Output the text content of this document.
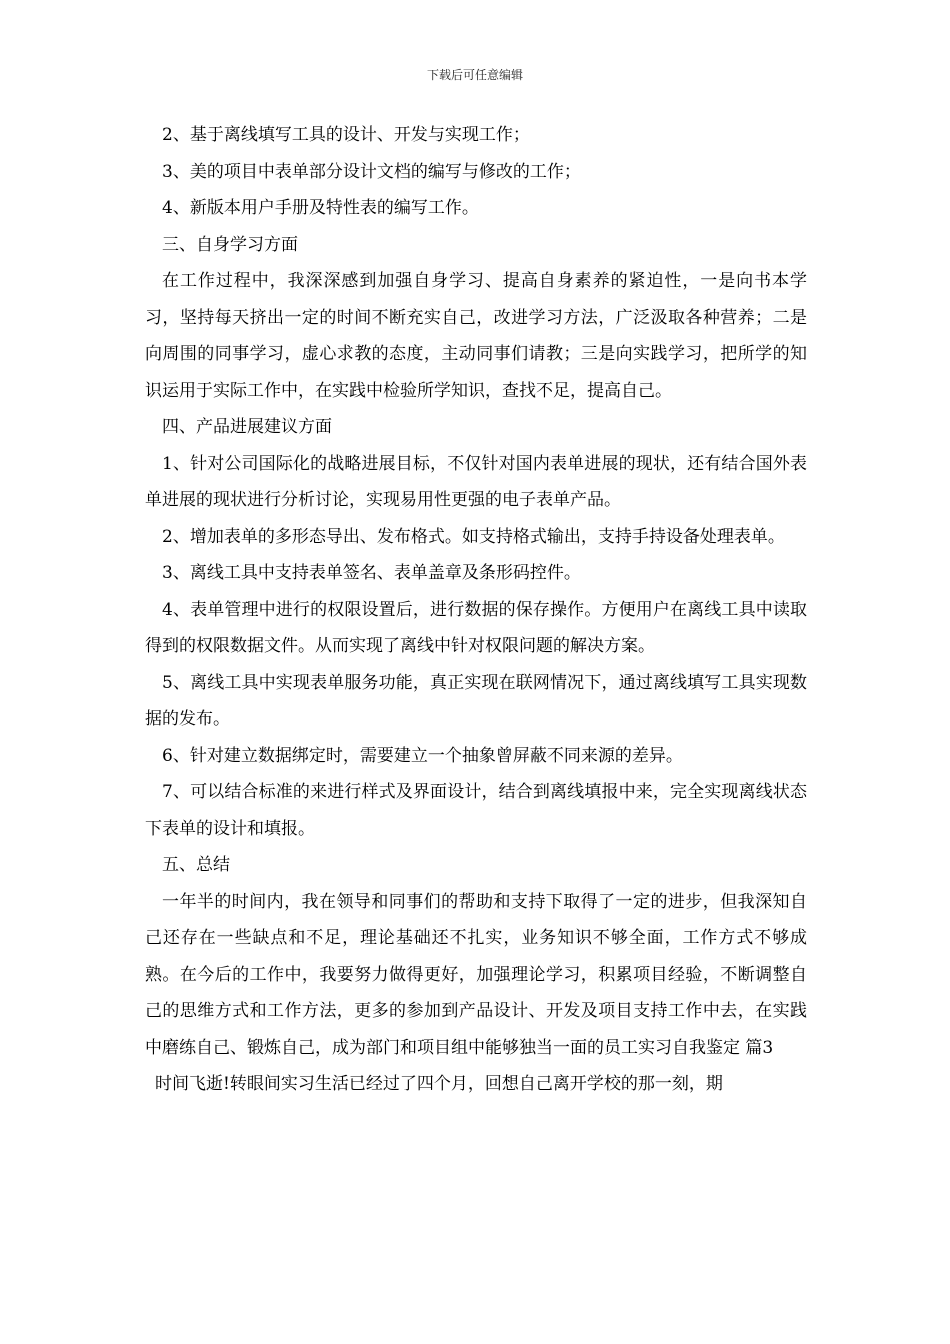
下载后可任意编辑

2、基于离线填写工具的设计、开发与实现工作；

3、美的项目中表单部分设计文档的编写与修改的工作；

4、新版本用户手册及特性表的编写工作。

三、自身学习方面

在工作过程中，我深深感到加强自身学习、提高自身素养的紧迫性，一是向书本学习，坚持每天挤出一定的时间不断充实自己，改进学习方法，广泛汲取各种营养；二是向周围的同事学习，虚心求教的态度，主动同事们请教；三是向实践学习，把所学的知识运用于实际工作中，在实践中检验所学知识，查找不足，提高自己。

四、产品进展建议方面

1、针对公司国际化的战略进展目标，不仅针对国内表单进展的现状，还有结合国外表单进展的现状进行分析讨论，实现易用性更强的电子表单产品。

2、增加表单的多形态导出、发布格式。如支持格式输出，支持手持设备处理表单。

3、离线工具中支持表单签名、表单盖章及条形码控件。

4、表单管理中进行的权限设置后，进行数据的保存操作。方便用户在离线工具中读取得到的权限数据文件。从而实现了离线中针对权限问题的解决方案。

5、离线工具中实现表单服务功能，真正实现在联网情况下，通过离线填写工具实现数据的发布。

6、针对建立数据绑定时，需要建立一个抽象曾屏蔽不同来源的差异。

7、可以结合标准的来进行样式及界面设计，结合到离线填报中来，完全实现离线状态下表单的设计和填报。

五、总结

一年半的时间内，我在领导和同事们的帮助和支持下取得了一定的进步，但我深知自己还存在一些缺点和不足，理论基础还不扎实，业务知识不够全面，工作方式不够成熟。在今后的工作中，我要努力做得更好，加强理论学习，积累项目经验，不断调整自己的思维方式和工作方法，更多的参加到产品设计、开发及项目支持工作中去，在实践中磨练自己、锻炼自己，成为部门和项目组中能够独当一面的员工实习自我鉴定 篇3

时间飞逝!转眼间实习生活已经过了四个月，回想自己离开学校的那一刻，期
